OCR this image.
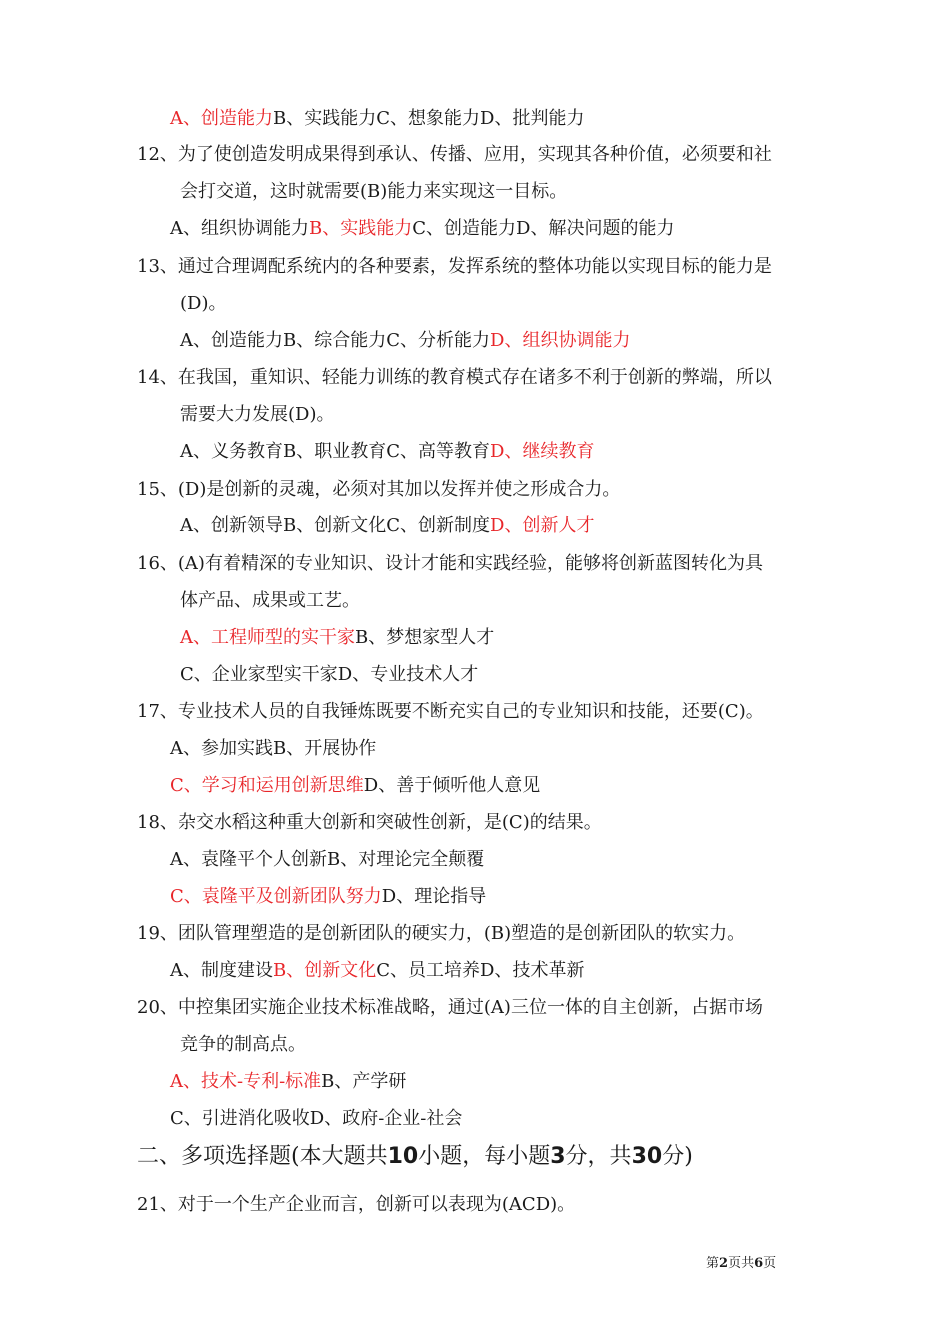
A、创造能力B、实践能力C、想象能力D、批判能力
12、为了使创造发明成果得到承认、传播、应用，实现其各种价值，必须要和社
会打交道，这时就需要(B)能力来实现这一目标。
A、组织协调能力B、实践能力C、创造能力D、解决问题的能力
13、通过合理调配系统内的各种要素，发挥系统的整体功能以实现目标的能力是
(D)。
A、创造能力B、综合能力C、分析能力D、组织协调能力
14、在我国，重知识、轻能力训练的教育模式存在诸多不利于创新的弊端，所以
需要大力发展(D)。
A、义务教育B、职业教育C、高等教育D、继续教育
15、(D)是创新的灵魂，必须对其加以发挥并使之形成合力。
A、创新领导B、创新文化C、创新制度D、创新人才
16、(A)有着精深的专业知识、设计才能和实践经验，能够将创新蓝图转化为具
体产品、成果或工艺。
A、工程师型的实干家B、梦想家型人才
C、企业家型实干家D、专业技术人才
17、专业技术人员的自我锤炼既要不断充实自己的专业知识和技能，还要(C)。
A、参加实践B、开展协作
C、学习和运用创新思维D、善于倾听他人意见
18、杂交水稻这种重大创新和突破性创新，是(C)的结果。
A、袁隆平个人创新B、对理论完全颠覆
C、袁隆平及创新团队努力D、理论指导
19、团队管理塑造的是创新团队的硬实力，(B)塑造的是创新团队的软实力。
A、制度建设B、创新文化C、员工培养D、技术革新
20、中控集团实施企业技术标准战略，通过(A)三位一体的自主创新，占据市场
竞争的制高点。
A、技术-专利-标准B、产学研
C、引进消化吸收D、政府-企业-社会
二、多项选择题(本大题共10小题，每小题3分，共30分)
21、对于一个生产企业而言，创新可以表现为(ACD)。
第2页共6页
